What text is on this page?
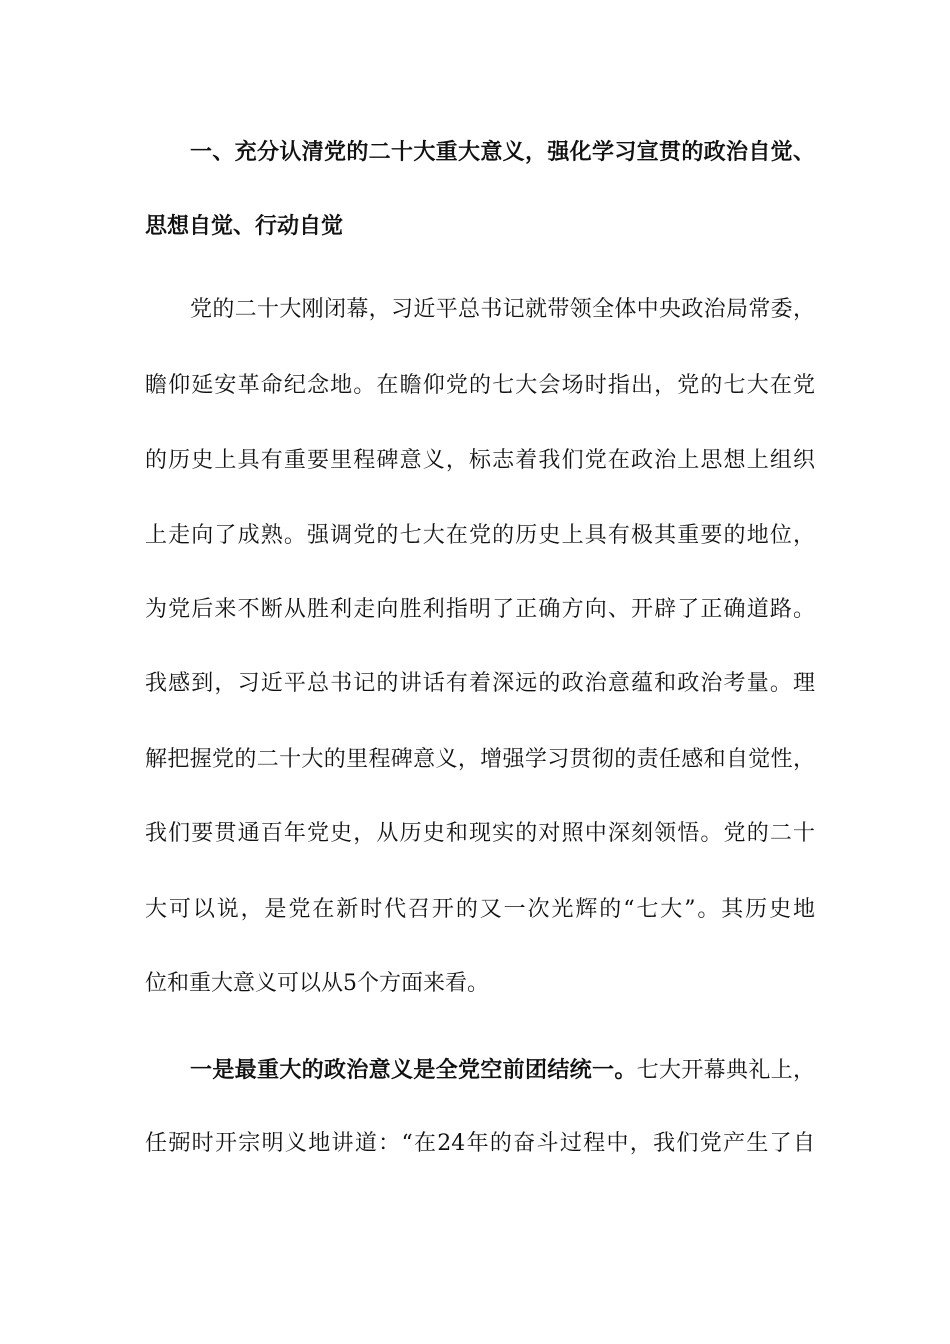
一、充分认清党的二十大重大意义，强化学习宣贯的政治自觉、
思想自觉、行动自觉
党的二十大刚闭幕，习近平总书记就带领全体中央政治局常委，
瞻仰延安革命纪念地。在瞻仰党的七大会场时指出，党的七大在党
的历史上具有重要里程碑意义，标志着我们党在政治上思想上组织
上走向了成熟。强调党的七大在党的历史上具有极其重要的地位，
为党后来不断从胜利走向胜利指明了正确方向、开辟了正确道路。
我感到，习近平总书记的讲话有着深远的政治意蕴和政治考量。理
解把握党的二十大的里程碑意义，增强学习贯彻的责任感和自觉性，
我们要贯通百年党史，从历史和现实的对照中深刻领悟。党的二十
大可以说，是党在新时代召开的又一次光辉的“七大”。其历史地
位和重大意义可以从5个方面来看。
一是最重大的政治意义是全党空前团结统一。七大开幕典礼上，
任弼时开宗明义地讲道：“在24年的奋斗过程中，我们党产生了自
